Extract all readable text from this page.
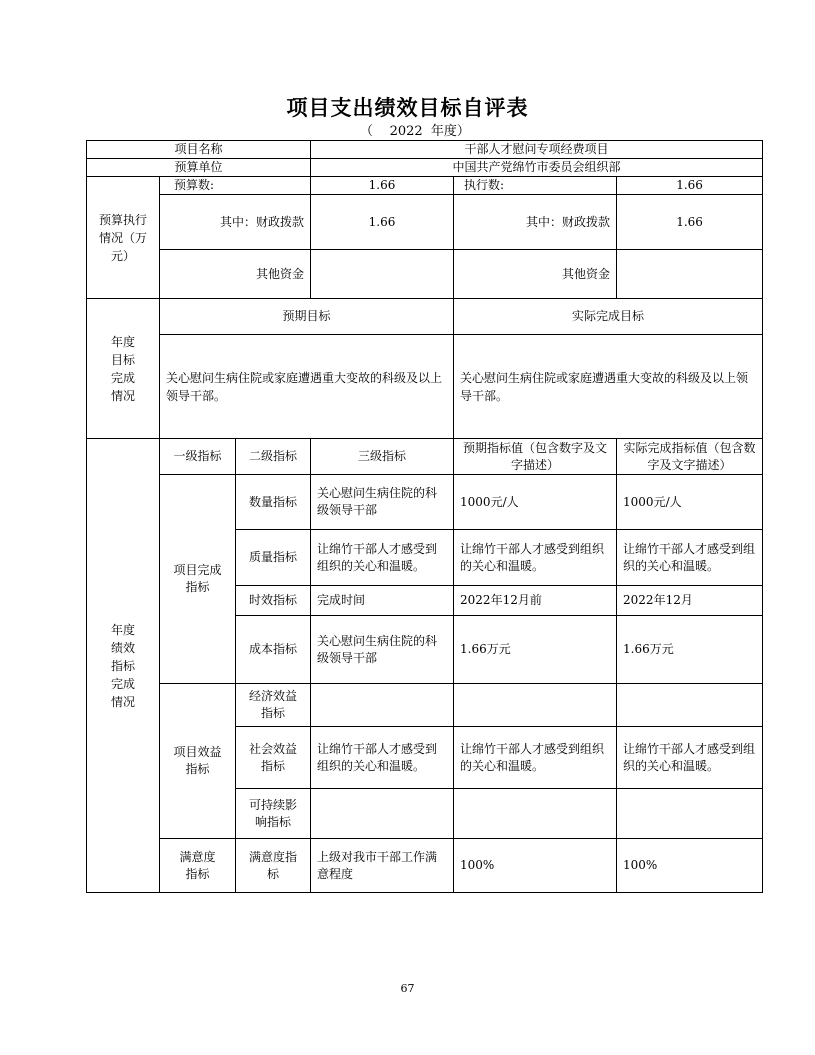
项目支出绩效目标自评表
（    2022  年度）
项目名称			干部人才慰问专项经费项目		
预算单位			中国共产党绵竹市委员会组织部		
预算执行情况（万元）	预算数:		1.66	执行数:	1.66
	其中：财政拨款		1.66	其中：财政拨款	1.66
	其他资金			其他资金	
年度目标完成情况	预期目标			实际完成目标	
	关心慰问生病住院或家庭遭遇重大变故的科级及以上领导干部。			关心慰问生病住院或家庭遭遇重大变故的科级及以上领导干部。	
年度绩效指标完成情况	一级指标	二级指标	三级指标	预期指标值（包含数字及文字描述）	实际完成指标值（包含数字及文字描述）
	项目完成指标	数量指标	关心慰问生病住院的科级领导干部	1000元/人	1000元/人
		质量指标	让绵竹干部人才感受到组织的关心和温暖。	让绵竹干部人才感受到组织的关心和温暖。	让绵竹干部人才感受到组织的关心和温暖。
		时效指标	完成时间	2022年12月前	2022年12月
		成本指标	关心慰问生病住院的科级领导干部	1.66万元	1.66万元
	项目效益指标	经济效益指标			
		社会效益指标	让绵竹干部人才感受到组织的关心和温暖。	让绵竹干部人才感受到组织的关心和温暖。	让绵竹干部人才感受到组织的关心和温暖。
		可持续影响指标			
	满意度指标	满意度指标	上级对我市干部工作满意程度	100%	100%
67
